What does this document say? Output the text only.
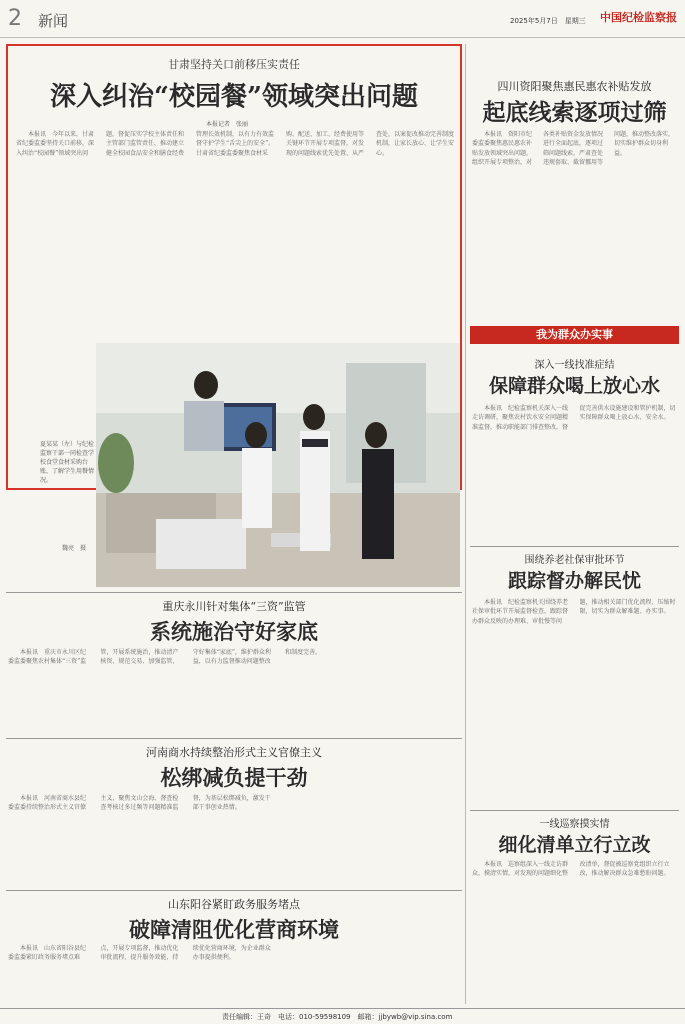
2 新闻	2025年5月7日　星期三 中国纪检监察报
甘肃坚持关口前移压实责任
深入纠治“校园餐”领域突出问题
本报记者　张丽
本报讯　今年以来，甘肃省纪委监委坚持关口前移，深入纠治“校园餐”领域突出问题，督促压实学校主体责任和主管部门监管责任，推动建立健全校园食品安全和膳食经费管理长效机制，以有力有效监督守护学生“舌尖上的安全”。甘肃省纪委监委聚焦食材采购、配送、加工、经费使用等关键环节开展专项监督，对发现的问题线索优先处置、从严查处，以案促改推动完善制度机制，让家长放心、让学生安心。
夏某某（左）与纪检监察干部一同检查学校食堂食材采购台账，了解学生用餐情况。
魏亮　摄
四川资阳聚焦惠民惠农补贴发放
起底线索逐项过筛
本报讯　资阳市纪委监委聚焦惠民惠农补贴发放领域突出问题，组织开展专项整治，对各类补贴资金发放情况进行全面起底，逐项过筛问题线索，严肃查处违规套取、截留挪用等问题，推动整改落实，切实维护群众切身利益。
我为群众办实事
深入一线找准症结
保障群众喝上放心水
本报讯　纪检监察机关深入一线走访调研，聚焦农村饮水安全问题精准监督，推动职能部门排查整改，督促完善供水设施建设和管护机制，切实保障群众喝上放心水、安全水。
围绕养老社保审批环节
跟踪督办解民忧
本报讯　纪检监察机关围绕养老社保审批环节开展监督检查，跟踪督办群众反映的办理难、审批慢等问题，推动相关部门优化流程、压缩时限，切实为群众解难题、办实事。
一线巡察摸实情
细化清单立行立改
本报讯　巡察组深入一线走访群众，摸清实情，对发现的问题细化整改清单，督促被巡察党组织立行立改，推动解决群众急难愁盼问题。
重庆永川针对集体“三资”监管
系统施治守好家底
本报讯　重庆市永川区纪委监委聚焦农村集体“三资”监管，开展系统施治，推动清产核资、规范交易、加强监管，守好集体“家底”，维护群众利益，以有力监督推动问题整改和制度完善。
河南商水持续整治形式主义官僚主义
松绑减负提干劲
本报讯　河南省商水县纪委监委持续整治形式主义官僚主义，聚焦文山会海、督查检查考核过多过频等问题精准监督，为基层松绑减负，激发干部干事创业热情。
山东阳谷紧盯政务服务堵点
破障清阻优化营商环境
本报讯　山东省阳谷县纪委监委紧盯政务服务堵点难点，开展专项监督，推动优化审批流程、提升服务效能，持续优化营商环境，为企业群众办事提供便利。
责任编辑：王奇　电话：010-59598109　邮箱：jjbywb@vip.sina.com
